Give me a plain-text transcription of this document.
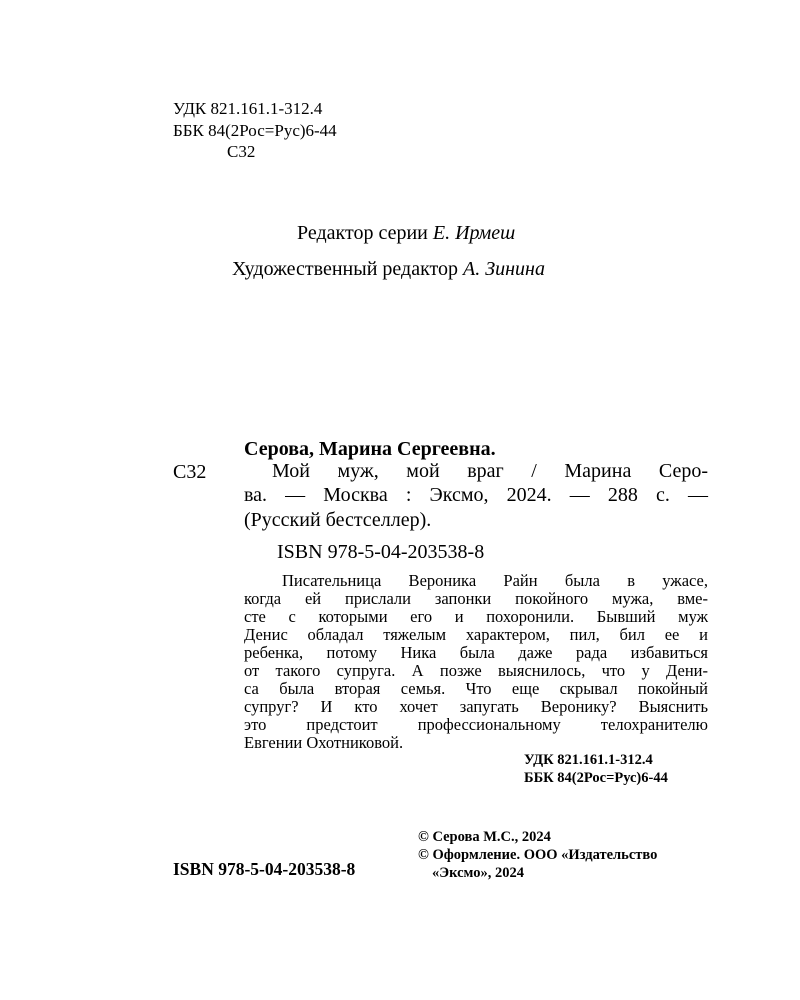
УДК 821.161.1-312.4
ББК 84(2Рос=Рус)6-44
С32
Редактор серии Е. Ирмеш
Художественный редактор А. Зинина
Серова, Марина Сергеевна.
С32	Мой муж, мой враг / Марина Серо-
ва. — Москва : Эксмо, 2024. — 288 с. —
(Русский бестселлер).
ISBN 978-5-04-203538-8
Писательница Вероника Райн была в ужасе,
когда ей прислали запонки покойного мужа, вме-
сте с которыми его и похоронили. Бывший муж
Денис обладал тяжелым характером, пил, бил ее и
ребенка, потому Ника была даже рада избавиться
от такого супруга. А позже выяснилось, что у Дени-
са была вторая семья. Что еще скрывал покойный
супруг? И кто хочет запугать Веронику? Выяснить
это предстоит профессиональному телохранителю
Евгении Охотниковой.
УДК 821.161.1-312.4
ББК 84(2Рос=Рус)6-44
© Серова М.С., 2024
© Оформление. ООО «Издательство
«Эксмо», 2024
ISBN 978-5-04-203538-8
